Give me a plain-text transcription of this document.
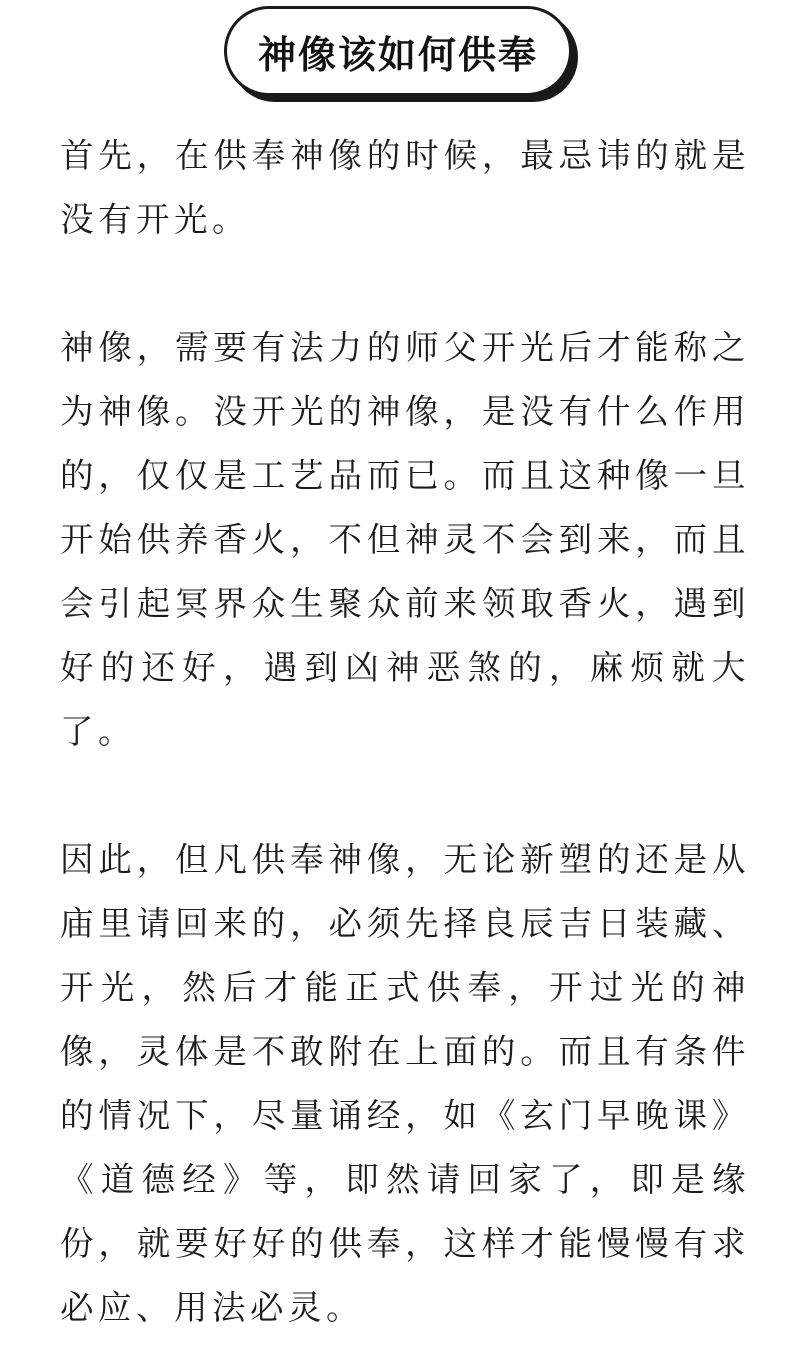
神像该如何供奉

首先，在供奉神像的时候，最忌讳的就是没有开光。

神像，需要有法力的师父开光后才能称之为神像。没开光的神像，是没有什么作用的，仅仅是工艺品而已。而且这种像一旦开始供养香火，不但神灵不会到来，而且会引起冥界众生聚众前来领取香火，遇到好的还好，遇到凶神恶煞的，麻烦就大了。

因此，但凡供奉神像，无论新塑的还是从庙里请回来的，必须先择良辰吉日装藏、开光，然后才能正式供奉，开过光的神像，灵体是不敢附在上面的。而且有条件的情况下，尽量诵经，如《玄门早晚课》《道德经》等，即然请回家了，即是缘份，就要好好的供奉，这样才能慢慢有求必应、用法必灵。
